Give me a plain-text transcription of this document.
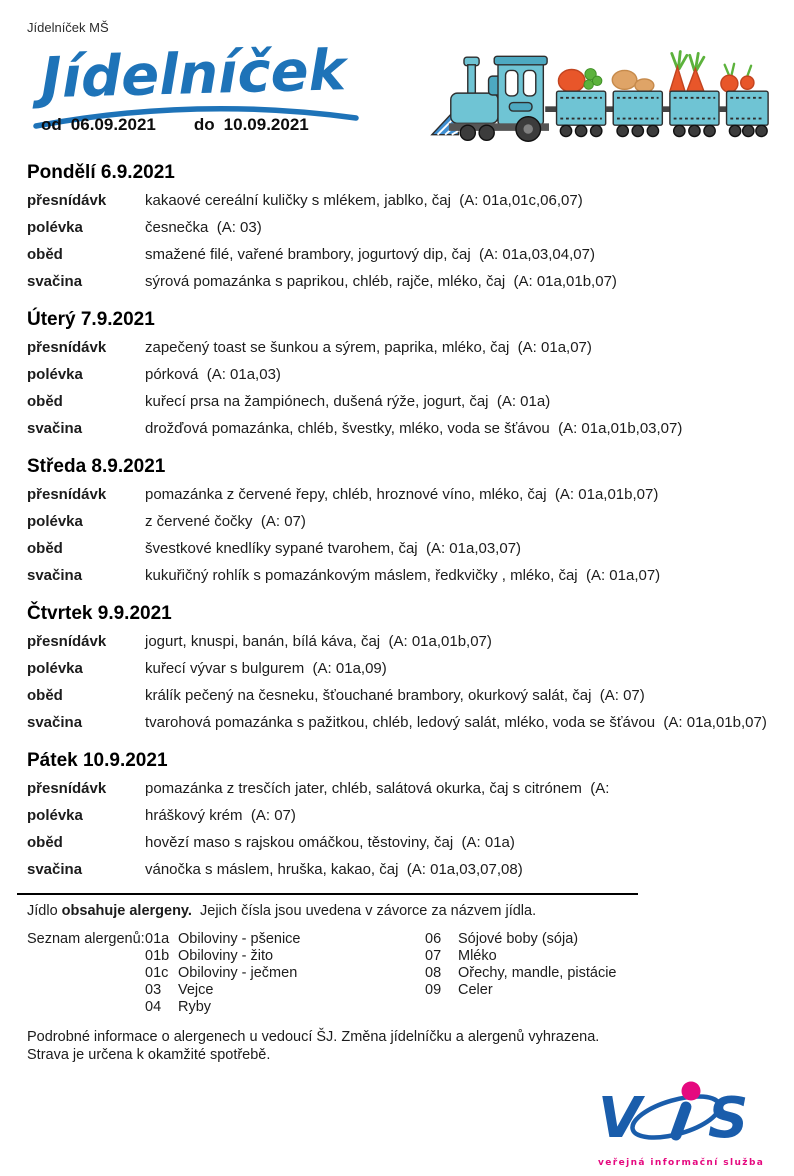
Jídelníček MŠ
Jídelníček
od 06.09.2021 do 10.09.2021
Pondělí 6.9.2021
přesnídávk	kakaové cereální kuličky s mlékem, jablko, čaj  (A: 01a,01c,06,07)
polévka	česnečka  (A: 03)
oběd	smažené filé, vařené brambory, jogurtový dip, čaj  (A: 01a,03,04,07)
svačina	sýrová pomazánka s paprikou, chléb, rajče, mléko, čaj  (A: 01a,01b,07)
Úterý 7.9.2021
přesnídávk	zapečený toast se šunkou a sýrem, paprika, mléko, čaj  (A: 01a,07)
polévka	pórková  (A: 01a,03)
oběd	kuřecí prsa na žampiónech, dušená rýže, jogurt, čaj  (A: 01a)
svačina	drožďová pomazánka, chléb, švestky, mléko, voda se šťávou  (A: 01a,01b,03,07)
Středa 8.9.2021
přesnídávk	pomazánka z červené řepy, chléb, hroznové víno, mléko, čaj  (A: 01a,01b,07)
polévka	z červené čočky  (A: 07)
oběd	švestkové knedlíky sypané tvarohem, čaj  (A: 01a,03,07)
svačina	kukuřičný rohlík s pomazánkovým máslem, ředkvičky , mléko, čaj  (A: 01a,07)
Čtvrtek 9.9.2021
přesnídávk	jogurt, knuspi, banán, bílá káva, čaj  (A: 01a,01b,07)
polévka	kuřecí vývar s bulgurem  (A: 01a,09)
oběd	králík pečený na česneku, šťouchané brambory, okurkový salát, čaj  (A: 07)
svačina	tvarohová pomazánka s pažitkou, chléb, ledový salát, mléko, voda se šťávou  (A: 01a,01b,07)
Pátek 10.9.2021
přesnídávk	pomazánka z tresčích jater, chléb, salátová okurka, čaj s citrónem  (A:
polévka	hráškový krém  (A: 07)
oběd	hovězí maso s rajskou omáčkou, těstoviny, čaj  (A: 01a)
svačina	vánočka s máslem, hruška, kakao, čaj  (A: 01a,03,07,08)

Jídlo obsahuje alergeny.  Jejich čísla jsou uvedena v závorce za názvem jídla.

Seznam alergenů: 01a Obiloviny - pšenice
01b Obiloviny - žito
01c Obiloviny - ječmen
03	Vejce
04	Ryby
06	Sójové boby (sója)
07	Mléko
08	Ořechy, mandle, pistácie
09	Celer

Podrobné informace o alergenech u vedoucí ŠJ. Změna jídelníčku a alergenů vyhrazena.

Strava je určena k okamžité spotřebě.

V S
veřejná informační služba
